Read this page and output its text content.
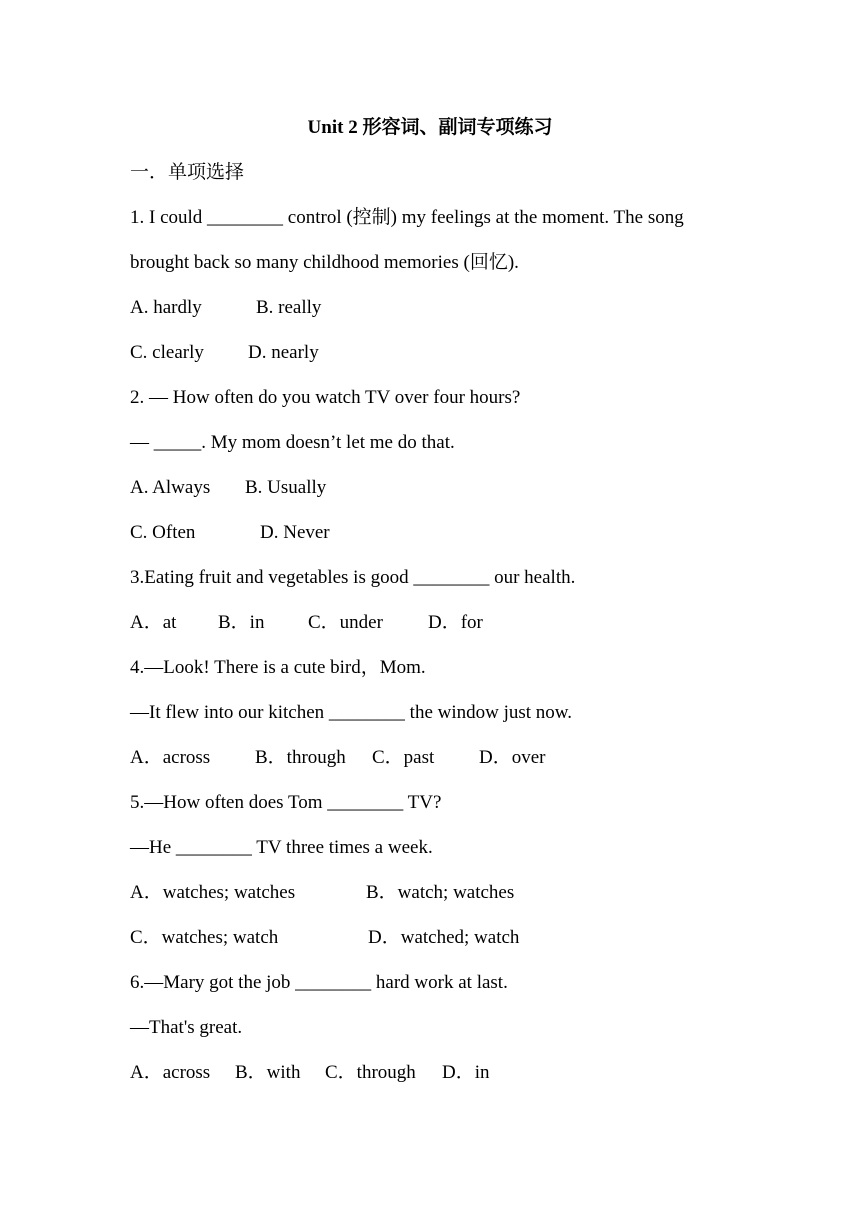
Unit 2 形容词、副词专项练习
一．单项选择
1. I could ________ control (控制) my feelings at the moment. The song
brought back so many childhood memories (回忆).
A. hardly	B. really
C. clearly	D. nearly
2. — How often do you watch TV over four hours?
— _____. My mom doesn’t let me do that.
A. Always	B. Usually
C. Often	D. Never
3.Eating fruit and vegetables is good ________ our health.
A．at	B．in	C．under	D．for
4.—Look! There is a cute bird，Mom.
—It flew into our kitchen ________ the window just now.
A．across	B．through	C．past	D．over
5.—How often does Tom ________ TV?
—He ________ TV three times a week.
A．watches; watches	B．watch; watches
C．watches; watch	D．watched; watch
6.—Mary got the job ________ hard work at last.
—That's great.
A．across	B．with	C．through	D．in
